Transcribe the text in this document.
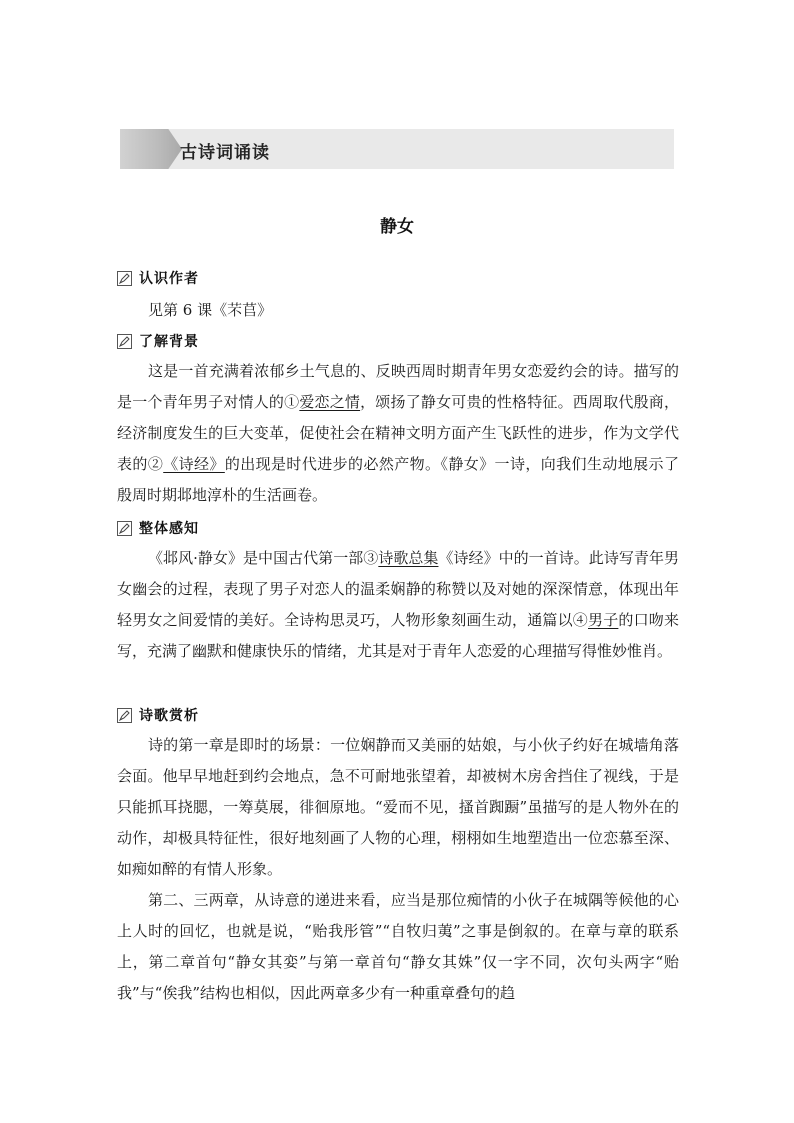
古诗词诵读
静女
认识作者
见第 6 课《芣苢》
了解背景

这是一首充满着浓郁乡土气息的、反映西周时期青年男女恋爱约会的诗。描写的是一个青年男子对情人的①爱恋之情，颂扬了静女可贵的性格特征。西周取代殷商，经济制度发生的巨大变革，促使社会在精神文明方面产生飞跃性的进步，作为文学代表的②《诗经》的出现是时代进步的必然产物。《静女》一诗，向我们生动地展示了殷周时期邶地淳朴的生活画卷。

整体感知

《邶风·静女》是中国古代第一部③诗歌总集《诗经》中的一首诗。此诗写青年男女幽会的过程，表现了男子对恋人的温柔娴静的称赞以及对她的深深情意，体现出年轻男女之间爱情的美好。全诗构思灵巧，人物形象刻画生动，通篇以④男子的口吻来写，充满了幽默和健康快乐的情绪，尤其是对于青年人恋爱的心理描写得惟妙惟肖。

诗歌赏析

诗的第一章是即时的场景：一位娴静而又美丽的姑娘，与小伙子约好在城墙角落会面。他早早地赶到约会地点，急不可耐地张望着，却被树木房舍挡住了视线，于是只能抓耳挠腮，一筹莫展，徘徊原地。“爱而不见，搔首踟蹰”虽描写的是人物外在的动作，却极具特征性，很好地刻画了人物的心理，栩栩如生地塑造出一位恋慕至深、如痴如醉的有情人形象。

第二、三两章，从诗意的递进来看，应当是那位痴情的小伙子在城隅等候他的心上人时的回忆，也就是说，“贻我彤管”“自牧归荑”之事是倒叙的。在章与章的联系上，第二章首句“静女其娈”与第一章首句“静女其姝”仅一字不同，次句头两字“贻我”与“俟我”结构也相似，因此两章多少有一种重章叠句的趋
